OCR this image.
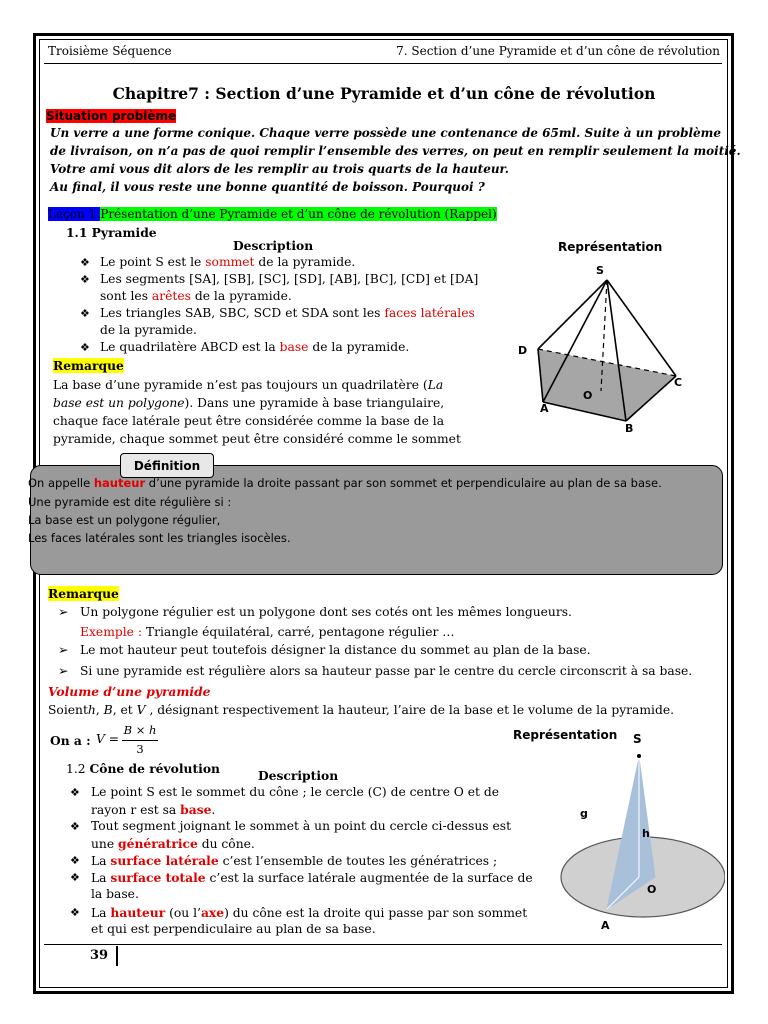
Troisième Séquence	7. Section d’une Pyramide et d’un cône de révolution
Chapitre7 : Section d’une Pyramide et d’un cône de révolution
Situation problème
Un verre a une forme conique. Chaque verre possède une contenance de 65ml. Suite à un problème
de livraison, on n’a pas de quoi remplir l’ensemble des verres, on peut en remplir seulement la moitié.
Votre ami vous dit alors de les remplir au trois quarts de la hauteur.
Au final, il vous reste une bonne quantité de boisson. Pourquoi ?
Leçon 1:Présentation d’une Pyramide et d’un cône de révolution (Rappel)
1.1 Pyramide
Description	Représentation
❖ Le point S est le sommet de la pyramide.
❖ Les segments [SA], [SB], [SC], [SD], [AB], [BC], [CD] et [DA]
sont les arêtes de la pyramide.
❖ Les triangles SAB, SBC, SCD et SDA sont les faces latérales
de la pyramide.
❖ Le quadrilatère ABCD est la base de la pyramide.
S
D
C
A
B
O
Remarque
La base d’une pyramide n’est pas toujours un quadrilatère (La
base est un polygone). Dans une pyramide à base triangulaire,
chaque face latérale peut être considérée comme la base de la
pyramide, chaque sommet peut être considéré comme le sommet
Définition
On appelle hauteur d’une pyramide la droite passant par son sommet et perpendiculaire au plan de sa base.
Une pyramide est dite régulière si :
La base est un polygone régulier,
Les faces latérales sont les triangles isocèles.
Remarque
➢ Un polygone régulier est un polygone dont ses cotés ont les mêmes longueurs.
Exemple : Triangle équilatéral, carré, pentagone régulier …
➢ Le mot hauteur peut toutefois désigner la distance du sommet au plan de la base.
➢ Si une pyramide est régulière alors sa hauteur passe par le centre du cercle circonscrit à sa base.
Volume d’une pyramide
Soienth, B, et V , désignant respectivement la hauteur, l’aire de la base et le volume de la pyramide.
On a : V =
B × h
3
Représentation
1.2 Cône de révolution	Description
❖ Le point S est le sommet du cône ; le cercle (C) de centre O et de
rayon r est sa base.
❖ Tout segment joignant le sommet à un point du cercle ci-dessus est
une génératrice du cône.
❖ La surface latérale c’est l’ensemble de toutes les génératrices ;
❖ La surface totale c’est la surface latérale augmentée de la surface de
la base.
❖ La hauteur (ou l’axe) du cône est la droite qui passe par son sommet
et qui est perpendiculaire au plan de sa base.
S
g
h
O
A
39
